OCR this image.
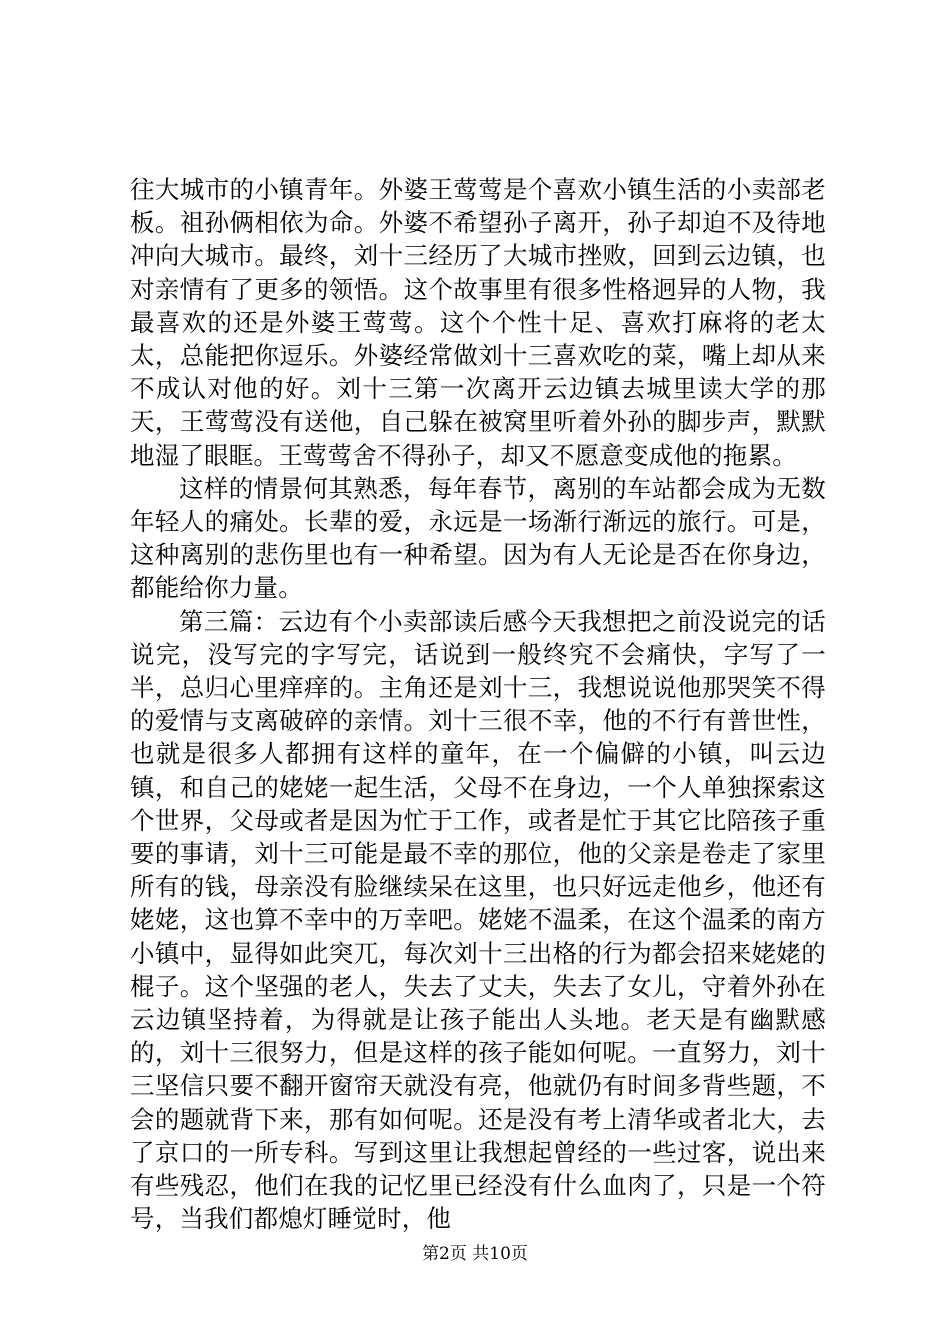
往大城市的小镇青年。外婆王莺莺是个喜欢小镇生活的小卖部老板。祖孙俩相依为命。外婆不希望孙子离开，孙子却迫不及待地冲向大城市。最终，刘十三经历了大城市挫败，回到云边镇，也对亲情有了更多的领悟。这个故事里有很多性格迥异的人物，我最喜欢的还是外婆王莺莺。这个个性十足、喜欢打麻将的老太太，总能把你逗乐。外婆经常做刘十三喜欢吃的菜，嘴上却从来不成认对他的好。刘十三第一次离开云边镇去城里读大学的那天，王莺莺没有送他，自己躲在被窝里听着外孙的脚步声，默默地湿了眼眶。王莺莺舍不得孙子，却又不愿意变成他的拖累。

这样的情景何其熟悉，每年春节，离别的车站都会成为无数年轻人的痛处。长辈的爱，永远是一场渐行渐远的旅行。可是，这种离别的悲伤里也有一种希望。因为有人无论是否在你身边，都能给你力量。

第三篇：云边有个小卖部读后感今天我想把之前没说完的话说完，没写完的字写完，话说到一般终究不会痛快，字写了一半，总归心里痒痒的。主角还是刘十三，我想说说他那哭笑不得的爱情与支离破碎的亲情。刘十三很不幸，他的不行有普世性，也就是很多人都拥有这样的童年，在一个偏僻的小镇，叫云边镇，和自己的姥姥一起生活，父母不在身边，一个人单独探索这个世界，父母或者是因为忙于工作，或者是忙于其它比陪孩子重要的事请，刘十三可能是最不幸的那位，他的父亲是卷走了家里所有的钱，母亲没有脸继续呆在这里，也只好远走他乡，他还有姥姥，这也算不幸中的万幸吧。姥姥不温柔，在这个温柔的南方小镇中，显得如此突兀，每次刘十三出格的行为都会招来姥姥的棍子。这个坚强的老人，失去了丈夫，失去了女儿，守着外孙在云边镇坚持着，为得就是让孩子能出人头地。老天是有幽默感的，刘十三很努力，但是这样的孩子能如何呢。一直努力，刘十三坚信只要不翻开窗帘天就没有亮，他就仍有时间多背些题，不会的题就背下来，那有如何呢。还是没有考上清华或者北大，去了京口的一所专科。写到这里让我想起曾经的一些过客，说出来有些残忍，他们在我的记忆里已经没有什么血肉了，只是一个符号，当我们都熄灯睡觉时，他

第2页 共10页
